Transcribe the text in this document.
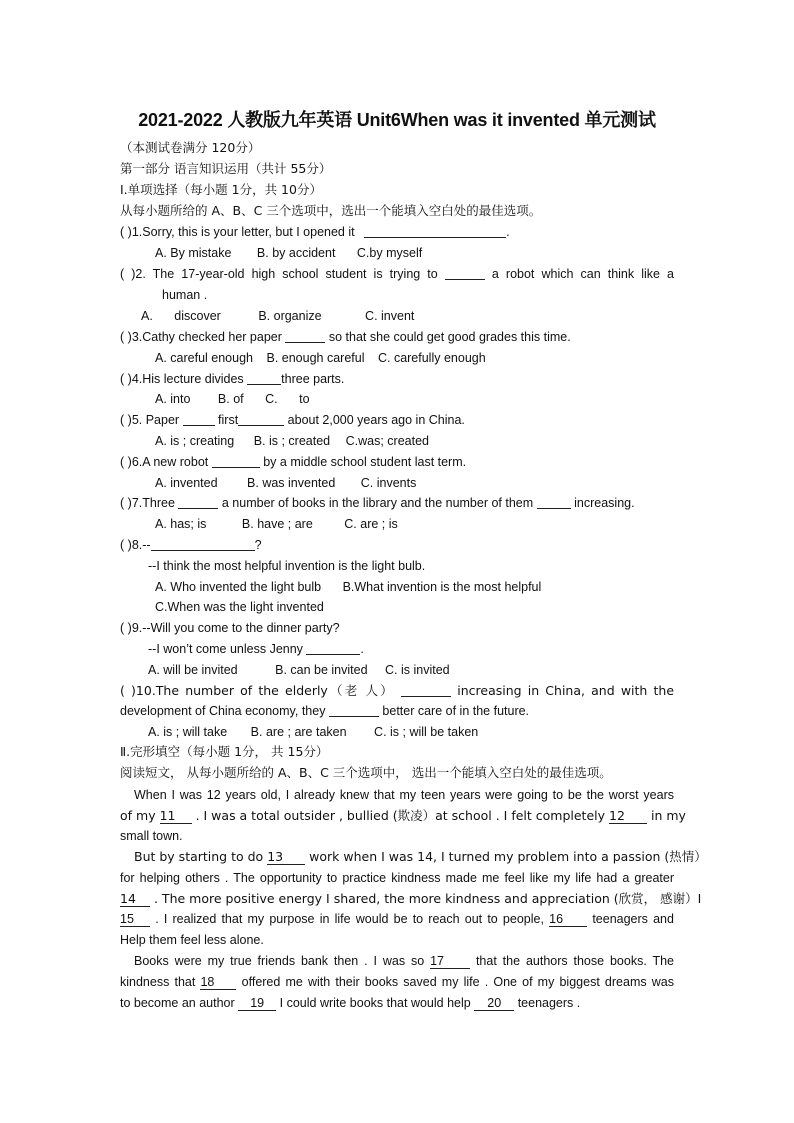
2021-2022 人教版九年英语 Unit6When was it invented 单元测试
（本测试卷满分 120分）
第一部分 语言知识运用（共计 55分）
Ⅰ.单项选择（每小题 1分，共 10分）
从每小题所给的 A、B、C 三个选项中，选出一个能填入空白处的最佳选项。
( )1.Sorry, this is your letter, but I opened it	.
A. By mistake B. by accident C.by myself
( )2. The 17-year-old high school student is trying to	a robot which can think like a
human .
A. discover	B. organize	C. invent
( )3.Cathy checked her paper	so that she could get good grades this time.
A. careful enough B. enough careful C. carefully enough
( )4.His lecture divides	three parts.
A. into B. of C. to
( )5. Paper	first	about 2,000 years ago in China.
A. is ; creating B. is ; created C.was; created
( )6.A new robot	by a middle school student last term.
A. invented B. was invented C. invents
( )7.Three	a number of books in the library and the number of them	increasing.
A. has; is	B. have ; are	C. are ; is
( )8.--	?
--I think the most helpful invention is the light bulb.
A. Who invented the light bulb B.What invention is the most helpful
C.When was the light invented
( )9.--Will you come to the dinner party?
--I won’t come unless Jenny	.
A. will be invited	B. can be invited C. is invited
( )10.The number of the elderly（老 人）	increasing in China, and with the
development of China economy, they	better care of in the future.
A. is ; will take B. are ; are taken C. is ; will be taken
Ⅱ.完形填空（每小题 1分， 共 15分）
阅读短文， 从每小题所给的 A、B、C 三个选项中， 选出一个能填入空白处的最佳选项。
When I was 12 years old, I already knew that my teen years were going to be the worst years
of my 11 . I was a total outsider , bullied (欺凌）at school . I felt completely 12 in my
small town.
But by starting to do 13 work when I was 14, I turned my problem into a passion (热情）
for helping others . The opportunity to practice kindness made me feel like my life had a greater
14 . The more positive energy I shared, the more kindness and appreciation (欣赏， 感谢）I
15 . I realized that my purpose in life would be to reach out to people, 16 teenagers and
Help them feel less alone.
Books were my true friends bank then . I was so 17	that the authors those books. The
kindness that 18 offered me with their books saved my life . One of my biggest dreams was
to become an author 19 I could write books that would help 20 teenagers .
